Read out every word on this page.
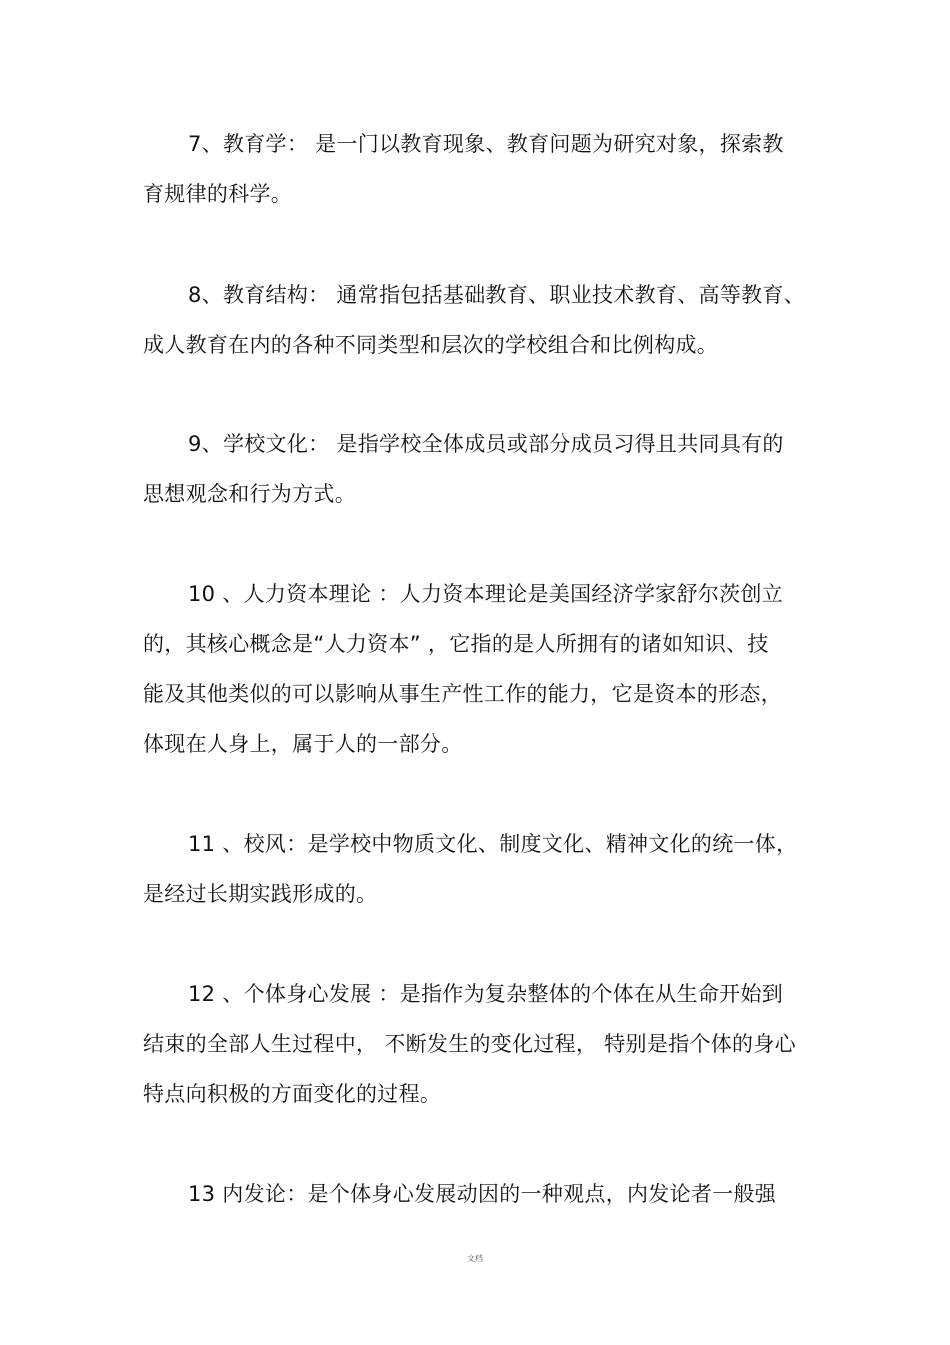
7、教育学： 是一门以教育现象、教育问题为研究对象，探索教
育规律的科学。
8、教育结构： 通常指包括基础教育、职业技术教育、高等教育、
成人教育在内的各种不同类型和层次的学校组合和比例构成。
9、学校文化： 是指学校全体成员或部分成员习得且共同具有的
思想观念和行为方式。
10 、人力资本理论 ：人力资本理论是美国经济学家舒尔茨创立
的，其核心概念是“人力资本” ，它指的是人所拥有的诸如知识、技
能及其他类似的可以影响从事生产性工作的能力，它是资本的形态，
体现在人身上，属于人的一部分。
11 、校风：是学校中物质文化、制度文化、精神文化的统一体，
是经过长期实践形成的。
12 、个体身心发展 ：是指作为复杂整体的个体在从生命开始到
结束的全部人生过程中， 不断发生的变化过程， 特别是指个体的身心
特点向积极的方面变化的过程。
13 内发论：是个体身心发展动因的一种观点，内发论者一般强
文档
